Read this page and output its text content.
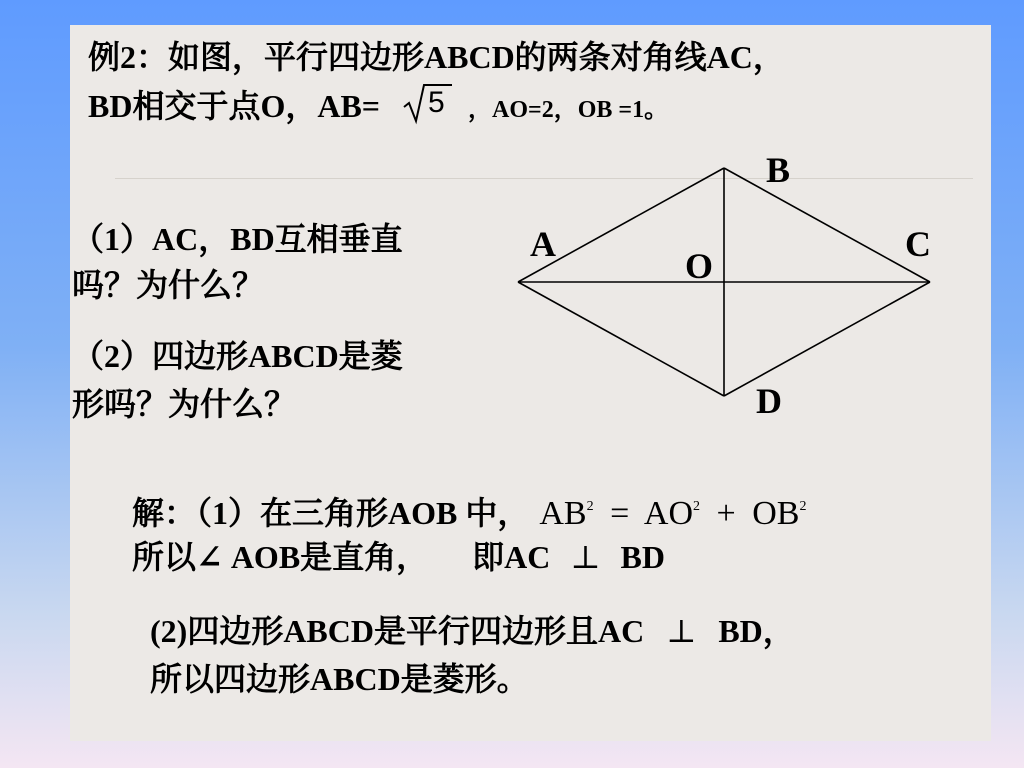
例2：如图，平行四边形ABCD的两条对角线AC，
BD相交于点O，AB= 5 ，AO=2，OB =1。
（1）AC，BD互相垂直
吗？为什么？
（2）四边形ABCD是菱
形吗？为什么？
A
B
C
D
O
解：（1）在三角形AOB 中， $AB^2 = AO^2 + OB^2$
所以∠ AOB是直角， 即AC ⊥ BD
(2)四边形ABCD是平行四边形且AC ⊥ BD，
所以四边形ABCD是菱形。
